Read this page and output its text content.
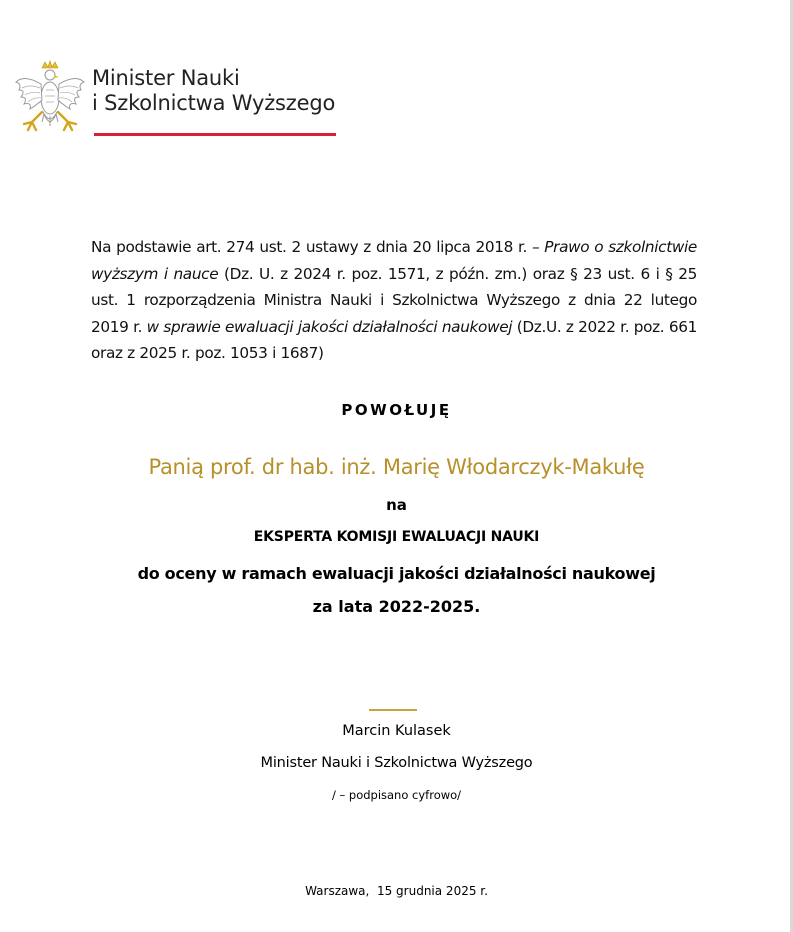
Minister Nauki
i Szkolnictwa Wyższego

Na podstawie art. 274 ust. 2 ustawy z dnia 20 lipca 2018 r. – Prawo o szkolnictwie wyższym i nauce (Dz. U. z 2024 r. poz. 1571, z późn. zm.) oraz § 23 ust. 6 i § 25 ust. 1 rozporządzenia Ministra Nauki i Szkolnictwa Wyższego z dnia 22 lutego 2019 r. w sprawie ewaluacji jakości działalności naukowej (Dz.U. z 2022 r. poz. 661 oraz z 2025 r. poz. 1053 i 1687)

POWOŁUJĘ
Panią prof. dr hab. inż. Marię Włodarczyk-Makułę
na
EKSPERTA KOMISJI EWALUACJI NAUKI
do oceny w ramach ewaluacji jakości działalności naukowej
za lata 2022-2025.
Marcin Kulasek
Minister Nauki i Szkolnictwa Wyższego
/ – podpisano cyfrowo/
Warszawa,  15 grudnia 2025 r.
